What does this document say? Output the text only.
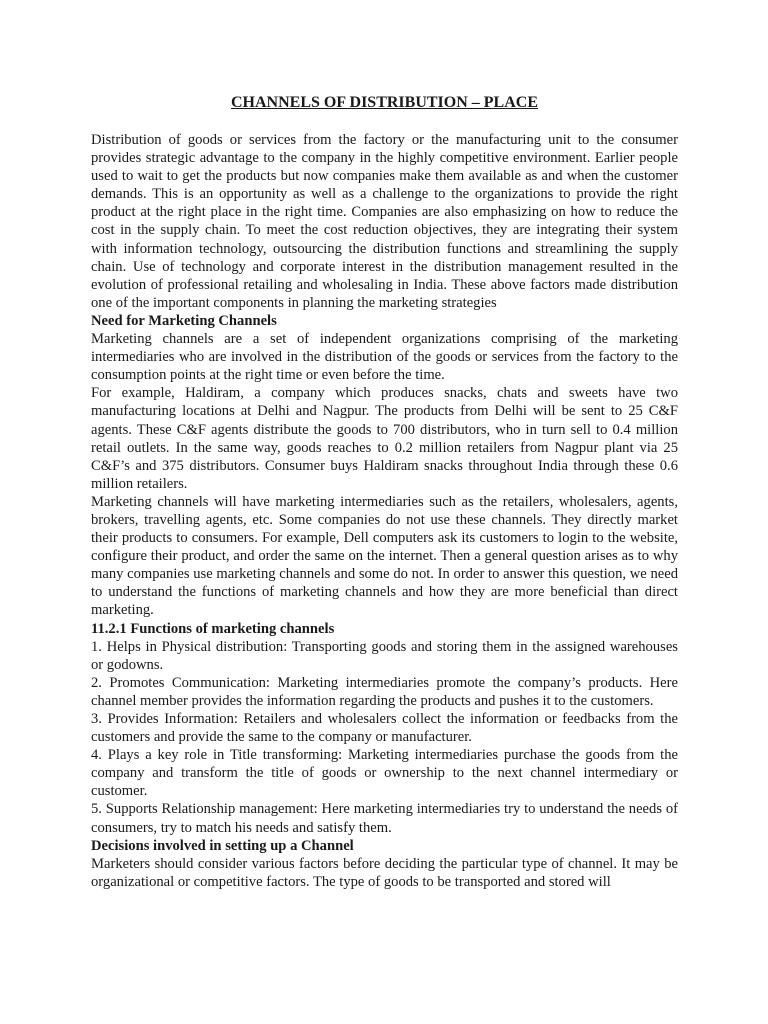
CHANNELS OF DISTRIBUTION – PLACE

Distribution of goods or services from the factory or the manufacturing unit to the consumer provides strategic advantage to the company in the highly competitive environment. Earlier people used to wait to get the products but now companies make them available as and when the customer demands. This is an opportunity as well as a challenge to the organizations to provide the right product at the right place in the right time. Companies are also emphasizing on how to reduce the cost in the supply chain. To meet the cost reduction objectives, they are integrating their system with information technology, outsourcing the distribution functions and streamlining the supply chain. Use of technology and corporate interest in the distribution management resulted in the evolution of professional retailing and wholesaling in India. These above factors made distribution one of the important components in planning the marketing strategies

Need for Marketing Channels

Marketing channels are a set of independent organizations comprising of the marketing intermediaries who are involved in the distribution of the goods or services from the factory to the consumption points at the right time or even before the time.

For example, Haldiram, a company which produces snacks, chats and sweets have two manufacturing locations at Delhi and Nagpur. The products from Delhi will be sent to 25 C&F agents. These C&F agents distribute the goods to 700 distributors, who in turn sell to 0.4 million retail outlets. In the same way, goods reaches to 0.2 million retailers from Nagpur plant via 25 C&F’s and 375 distributors. Consumer buys Haldiram snacks throughout India through these 0.6 million retailers.

Marketing channels will have marketing intermediaries such as the retailers, wholesalers, agents, brokers, travelling agents, etc. Some companies do not use these channels. They directly market their products to consumers. For example, Dell computers ask its customers to login to the website, configure their product, and order the same on the internet. Then a general question arises as to why many companies use marketing channels and some do not. In order to answer this question, we need to understand the functions of marketing channels and how they are more beneficial than direct marketing.

11.2.1 Functions of marketing channels

1. Helps in Physical distribution: Transporting goods and storing them in the assigned warehouses or godowns.

2. Promotes Communication: Marketing intermediaries promote the company’s products. Here channel member provides the information regarding the products and pushes it to the customers.

3. Provides Information: Retailers and wholesalers collect the information or feedbacks from the customers and provide the same to the company or manufacturer.

4. Plays a key role in Title transforming: Marketing intermediaries purchase the goods from the company and transform the title of goods or ownership to the next channel intermediary or customer.

5. Supports Relationship management: Here marketing intermediaries try to understand the needs of consumers, try to match his needs and satisfy them.

Decisions involved in setting up a Channel

Marketers should consider various factors before deciding the particular type of channel. It may be organizational or competitive factors. The type of goods to be transported and stored will
